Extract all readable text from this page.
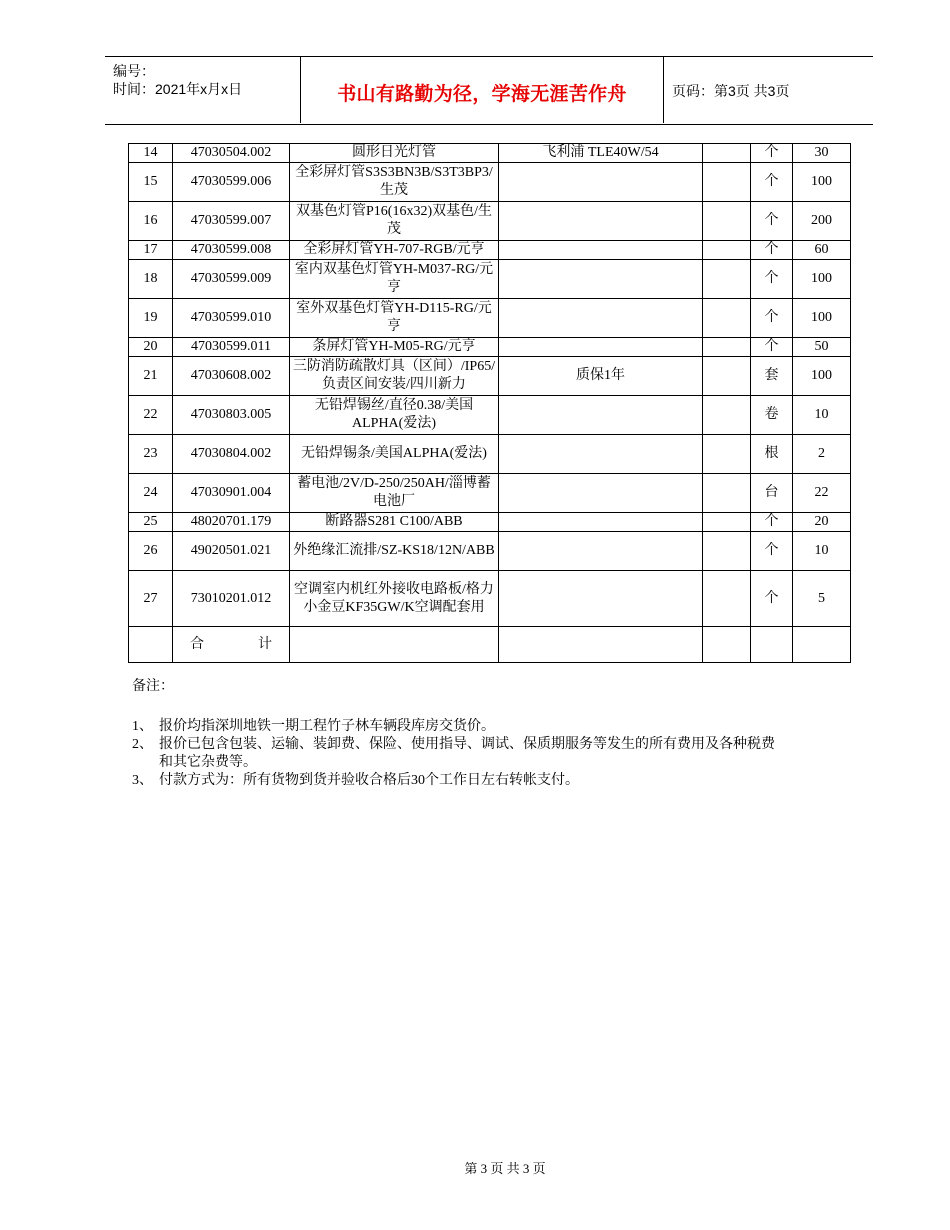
编号：
时间：2021年x月x日	书山有路勤为径，学海无涯苦作舟	页码：第3页 共3页
14	47030504.002	圆形日光灯管	飞利浦 TLE40W/54		个	30
15	47030599.006	全彩屏灯管S3S3BN3B/S3T3BP3/生茂			个	100
16	47030599.007	双基色灯管P16(16x32)双基色/生茂			个	200
17	47030599.008	全彩屏灯管YH-707-RGB/元亨			个	60
18	47030599.009	室内双基色灯管YH-M037-RG/元亨			个	100
19	47030599.010	室外双基色灯管YH-D115-RG/元亨			个	100
20	47030599.011	条屏灯管YH-M05-RG/元亨			个	50
21	47030608.002	三防消防疏散灯具（区间）/IP65/负责区间安装/四川新力	质保1年		套	100
22	47030803.005	无铅焊锡丝/直径0.38/美国ALPHA(爱法)			卷	10
23	47030804.002	无铅焊锡条/美国ALPHA(爱法)			根	2
24	47030901.004	蓄电池/2V/D-250/250AH/淄博蓄电池厂			台	22
25	48020701.179	断路器S281 C100/ABB			个	20
26	49020501.021	外绝缘汇流排/SZ-KS18/12N/ABB			个	10
27	73010201.012	空调室内机红外接收电路板/格力小金豆KF35GW/K空调配套用			个	5
	合 计					
备注：
1、 报价均指深圳地铁一期工程竹子林车辆段库房交货价。
2、 报价已包含包装、运输、装卸费、保险、使用指导、调试、保质期服务等发生的所有费用及各种税费和其它杂费等。
3、 付款方式为：所有货物到货并验收合格后30个工作日左右转帐支付。
第 3 页 共 3 页
